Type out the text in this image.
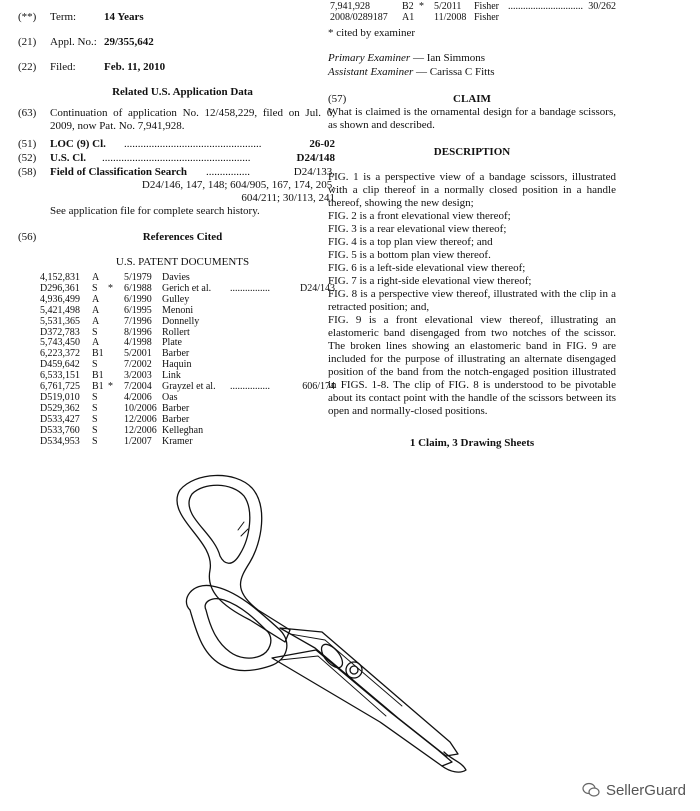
(**) Term:	14 Years
(21) Appl. No.: 29/355,642
(22) Filed:	Feb. 11, 2010
Related U.S. Application Data
(63) Continuation of application No. 12/458,229, filed on Jul. 6, 2009, now Pat. No. 7,941,928.
(51) LOC (9) Cl. ..................................................	26-02
(52) U.S. Cl. ......................................................	D24/148
(58) Field of Classification Search ................	D24/133,
D24/146, 147, 148; 604/905, 167, 174, 205,
604/211; 30/113, 241
See application file for complete search history.
(56)	References Cited
U.S. PATENT DOCUMENTS
4,152,831 A 5/1979 Davies
D296,361 S * 6/1988 Gerich et al. ................	D24/143
4,936,499 A 6/1990 Gulley
5,421,498 A 6/1995 Menoni
5,531,365 A 7/1996 Donnelly
D372,783 S	8/1996 Rollert
5,743,450 A 4/1998 Plate
6,223,372 B1 5/2001 Barber
D459,642 S	7/2002 Haquin
6,533,151 B1 3/2003 Link
6,761,725 B1 * 7/2004 Grayzel et al. ................	606/174
D519,010 S	4/2006 Oas
D529,362 S	10/2006 Barber
D533,427 S	12/2006 Barber
D533,760 S	12/2006 Kelleghan
D534,953 S	1/2007 Kramer
7,941,928	B2 * 5/2011 Fisher .............................. 30/262
2008/0289187 A1 11/2008 Fisher
* cited by examiner
Primary Examiner — Ian Simmons
Assistant Examiner — Carissa C Fitts
(57)	CLAIM
What is claimed is the ornamental design for a bandage scissors, as shown and described.
DESCRIPTION

FIG. 1 is a perspective view of a bandage scissors, illustrated with a clip thereof in a normally closed position in a handle thereof, showing the new design;

FIG. 2 is a front elevational view thereof;

FIG. 3 is a rear elevational view thereof;

FIG. 4 is a top plan view thereof; and

FIG. 5 is a bottom plan view thereof.

FIG. 6 is a left-side elevational view thereof;

FIG. 7 is a right-side elevational view thereof;

FIG. 8 is a perspective view thereof, illustrated with the clip in a retracted position; and,

FIG. 9 is a front elevational view thereof, illustrating an elastomeric band disengaged from two notches of the scissor. The broken lines showing an elastomeric band in FIG. 9 are included for the purpose of illustrating an alternate disengaged position of the band from the notch-engaged position illustrated in FIGS. 1-8. The clip of FIG. 8 is understood to be pivotable about its contact point with the handle of the scissors between its open and normally-closed positions.

1 Claim, 3 Drawing Sheets
SellerGuard
